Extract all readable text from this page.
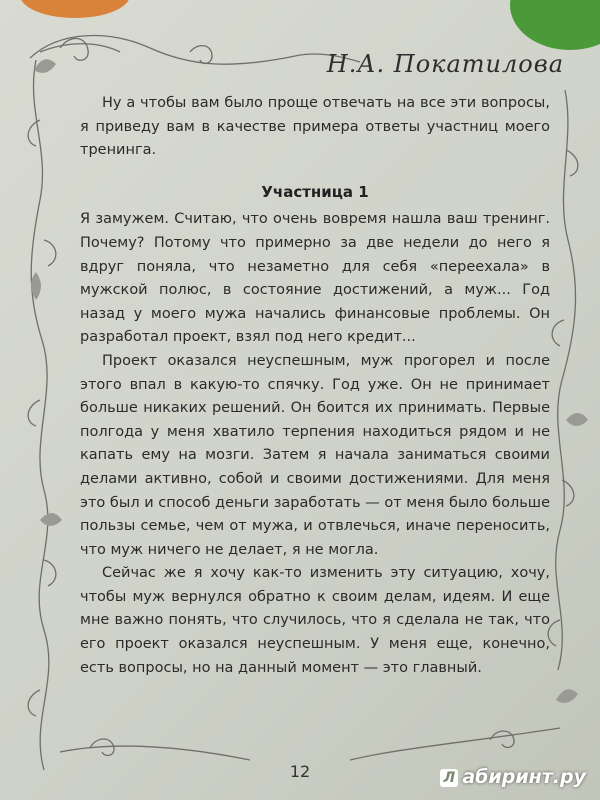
Н.А. Покатилова

Ну а чтобы вам было проще отвечать на все эти вопросы, я приведу вам в качестве примера ответы участниц моего тренинга.

Участница 1

Я замужем. Считаю, что очень вовремя нашла ваш тренинг. Почему? Потому что примерно за две недели до него я вдруг поняла, что незаметно для себя «переехала» в мужской полюс, в состояние достижений, а муж... Год назад у моего мужа начались финансовые проблемы. Он разработал проект, взял под него кредит...

Проект оказался неуспешным, муж прогорел и после этого впал в какую-то спячку. Год уже. Он не принимает больше никаких решений. Он боится их принимать. Первые полгода у меня хватило терпения находиться рядом и не капать ему на мозги. Затем я начала заниматься своими делами активно, собой и своими достижениями. Для меня это был и способ деньги заработать — от меня было больше пользы семье, чем от мужа, и отвлечься, иначе переносить, что муж ничего не делает, я не могла.

Сейчас же я хочу как-то изменить эту ситуацию, хочу, чтобы муж вернулся обратно к своим делам, идеям. И еще мне важно понять, что случилось, что я сделала не так, что его проект оказался неуспешным. У меня еще, конечно, есть вопросы, но на данный момент — это главный.

12	Л абиринт.ру
